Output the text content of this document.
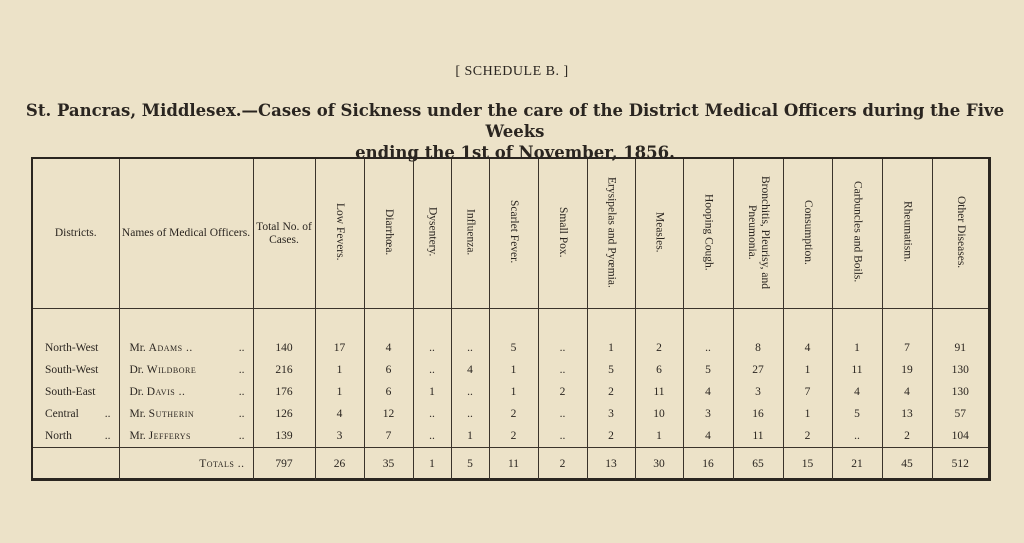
[ SCHEDULE B. ]
St. Pancras, Middlesex.—Cases of Sickness under the care of the District Medical Officers during the Five Weeks
ending the 1st of November, 1856.
Districts.	Names of Medical Officers.	Total No. of Cases.	Low Fevers.	Diarrhœa.	Dysentery.	Influenza.	Scarlet Fever.	Small Pox.	Erysipelas and Pyœmia.	Measles.	Hooping Cough.	Bronchitis, Pleurisy, and Pneumonia.	Consumption.	Carbuncles and Boils.	Rheumatism.	Other Diseases.

North-West	Mr. Adams .. ..	140	17	4	..	..	5	..	1	2	..	8	4	1	7	91
South-West	Dr. Wildbore ..	216	1	6	..	4	1	..	5	6	5	27	1	11	19	130
South-East	Dr. Davis .. ..	176	1	6	1	..	1	2	2	11	4	3	7	4	4	130
Central ..	Mr. Sutherin ..	126	4	12	..	..	2	..	3	10	3	16	1	5	13	57
North ..	Mr. Jefferys ..	139	3	7	..	1	2	..	2	1	4	11	2	..	2	104
	Totals ..	797	26	35	1	5	11	2	13	30	16	65	15	21	45	512
